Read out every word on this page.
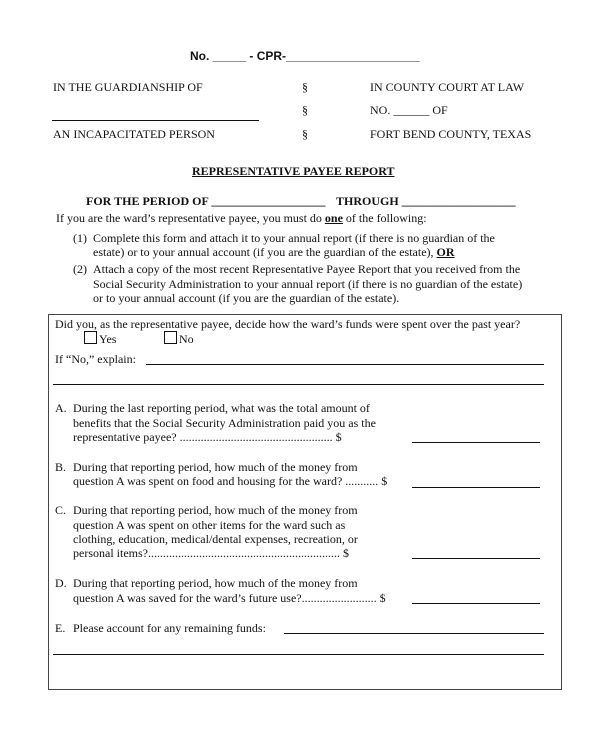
No. _____ - CPR-____________________
IN THE GUARDIANSHIP OF
AN INCAPACITATED PERSON
§
§
§
IN COUNTY COURT AT LAW
NO. ______ OF
FORT BEND COUNTY, TEXAS
REPRESENTATIVE PAYEE REPORT
FOR THE PERIOD OF ___________________ THROUGH ___________________
If you are the ward’s representative payee, you must do one of the following:
(1) Complete this form and attach it to your annual report (if there is no guardian of the
estate) or to your annual account (if you are the guardian of the estate), OR
(2) Attach a copy of the most recent Representative Payee Report that you received from the
Social Security Administration to your annual report (if there is no guardian of the estate)
or to your annual account (if you are the guardian of the estate).
Did you, as the representative payee, decide how the ward’s funds were spent over the past year?
Yes	No
If “No,” explain:
A. During the last reporting period, what was the total amount of
benefits that the Social Security Administration paid you as the
representative payee? ................................................... $
B. During that reporting period, how much of the money from
question A was spent on food and housing for the ward? ........... $
C. During that reporting period, how much of the money from
question A was spent on other items for the ward such as
clothing, education, medical/dental expenses, recreation, or
personal items?................................................................ $
D. During that reporting period, how much of the money from
question A was saved for the ward’s future use?......................... $
E. Please account for any remaining funds:
